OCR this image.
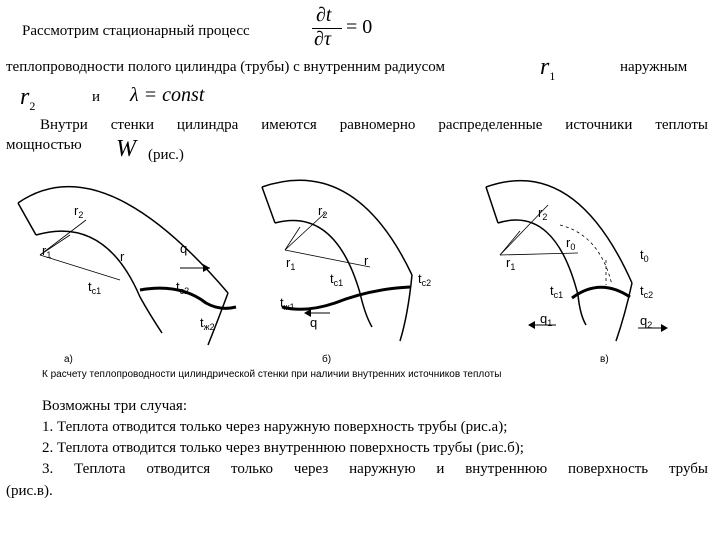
Рассмотрим стационарный процесс
∂t
∂τ
= 0
теплопроводности полого цилиндра (трубы) с внутренним радиусом	$r_1$
наружным
$r_2$
и λ = const
Внутри стенки цилиндра имеются равномерно распределенные источники теплоты
мощностью W (рис.)
$r_2$
$r_1$	r
q
$t_{c1}$	$t_{c2}$
$t_{ж2}$
$r_2$
$r_1$	r
$t_{c1}$	$t_{c2}$
$t_{ж1}$
q
$r_2$
$r_0$	$t_0$
$r_1$
$t_{c1}$	$t_{c2}$
$q_1$	$q_2$
а)	б)	в)
К расчету теплопроводности цилиндрической стенки при наличии внутренних источников теплоты
Возможны три случая:
1. Теплота отводится только через наружную поверхность трубы (рис.а);
2. Теплота отводится только через внутреннюю поверхность трубы (рис.б);
3. Теплота отводится только через наружную и внутреннюю поверхность трубы
(рис.в).
